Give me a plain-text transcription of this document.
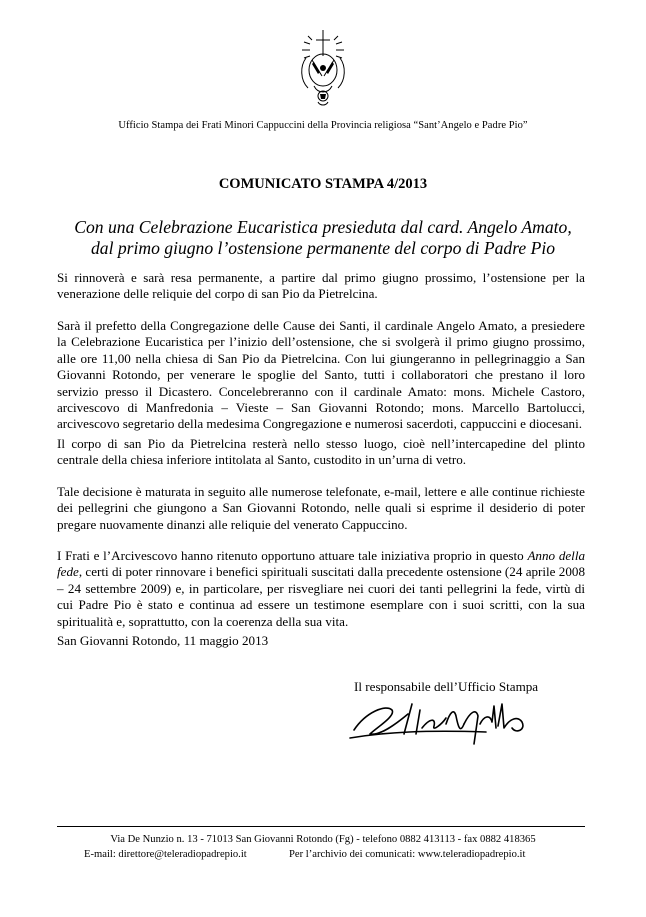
Ufficio Stampa dei Frati Minori Cappuccini della Provincia religiosa “Sant’Angelo e Padre Pio”
COMUNICATO STAMPA 4/2013
Con una Celebrazione Eucaristica presieduta dal card. Angelo Amato,
dal primo giugno l’ostensione permanente del corpo di Padre Pio

Si rinnoverà e sarà resa permanente, a partire dal primo giugno prossimo, l’ostensione per la venerazione delle reliquie del corpo di san Pio da Pietrelcina.

Sarà il prefetto della Congregazione delle Cause dei Santi, il cardinale Angelo Amato, a presiedere la Celebrazione Eucaristica per l’inizio dell’ostensione, che si svolgerà il primo giugno prossimo, alle ore 11,00 nella chiesa di San Pio da Pietrelcina. Con lui giungeranno in pellegrinaggio a San Giovanni Rotondo, per venerare le spoglie del Santo, tutti i collaboratori che prestano il loro servizio presso il Dicastero. Concelebreranno con il cardinale Amato: mons. Michele Castoro, arcivescovo di Manfredonia – Vieste – San Giovanni Rotondo; mons. Marcello Bartolucci, arcivescovo segretario della medesima Congregazione e numerosi sacerdoti, cappuccini e diocesani.

Il corpo di san Pio da Pietrelcina resterà nello stesso luogo, cioè nell’intercapedine del plinto centrale della chiesa inferiore intitolata al Santo, custodito in un’urna di vetro.

Tale decisione è maturata in seguito alle numerose telefonate, e-mail, lettere e alle continue richieste dei pellegrini che giungono a San Giovanni Rotondo, nelle quali si esprime il desiderio di poter pregare nuovamente dinanzi alle reliquie del venerato Cappuccino.

I Frati e l’Arcivescovo hanno ritenuto opportuno attuare tale iniziativa proprio in questo Anno della fede, certi di poter rinnovare i benefici spirituali suscitati dalla precedente ostensione (24 aprile 2008 – 24 settembre 2009) e, in particolare, per risvegliare nei cuori dei tanti pellegrini la fede, virtù di cui Padre Pio è stato e continua ad essere un testimone esemplare con i suoi scritti, con la sua spiritualità e, soprattutto, con la coerenza della sua vita.

San Giovanni Rotondo, 11 maggio 2013
Il responsabile dell’Ufficio Stampa
Via De Nunzio n. 13 - 71013 San Giovanni Rotondo (Fg) - telefono 0882 413113 - fax 0882 418365
E-mail: direttore@teleradiopadrepio.it	Per l’archivio dei comunicati: www.teleradiopadrepio.it
